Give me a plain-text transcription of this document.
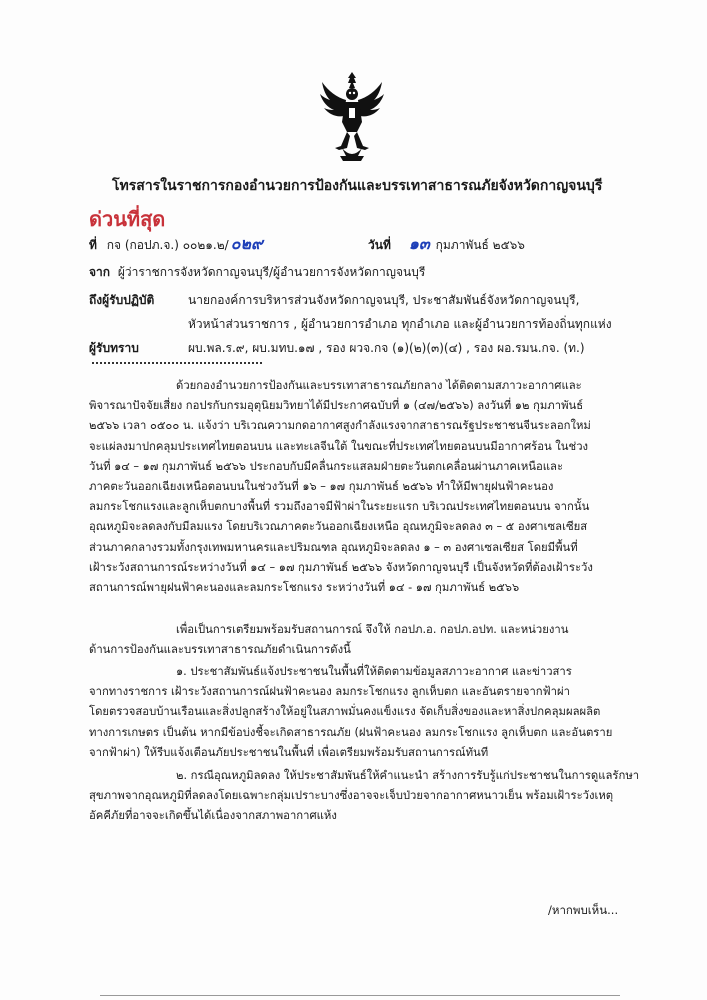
โทรสารในราชการกองอำนวยการป้องกันและบรรเทาสาธารณภัยจังหวัดกาญจนบุรี
ด่วนที่สุด
ที่ กจ (กอปภ.จ.) ๐๐๒๑.๒/ ๐๒๙	วันที่ ๑๓ กุมภาพันธ์ ๒๕๖๖
จาก ผู้ว่าราชการจังหวัดกาญจนบุรี/ผู้อำนวยการจังหวัดกาญจนบุรี
ถึงผู้รับปฏิบัติ	นายกองค์การบริหารส่วนจังหวัดกาญจนบุรี, ประชาสัมพันธ์จังหวัดกาญจนบุรี,
หัวหน้าส่วนราชการ , ผู้อำนวยการอำเภอ ทุกอำเภอ และผู้อำนวยการท้องถิ่นทุกแห่ง
ผู้รับทราบ	ผบ.พล.ร.๙, ผบ.มทบ.๑๗ , รอง ผวจ.กจ (๑)(๒)(๓)(๔) , รอง ผอ.รมน.กจ. (ท.)
ด้วยกองอำนวยการป้องกันและบรรเทาสาธารณภัยกลาง ได้ติดตามสภาวะอากาศและ
พิจารณาปัจจัยเสี่ยง กอปรกับกรมอุตุนิยมวิทยาได้มีประกาศฉบับที่ ๑ (๔๗/๒๕๖๖) ลงวันที่ ๑๒ กุมภาพันธ์
๒๕๖๖ เวลา ๐๕๐๐ น. แจ้งว่า บริเวณความกดอากาศสูงกำลังแรงจากสาธารณรัฐประชาชนจีนระลอกใหม่
จะแผ่ลงมาปกคลุมประเทศไทยตอนบน และทะเลจีนใต้ ในขณะที่ประเทศไทยตอนบนมีอากาศร้อน ในช่วง
วันที่ ๑๔ – ๑๗ กุมภาพันธ์ ๒๕๖๖ ประกอบกับมีคลื่นกระแสลมฝ่ายตะวันตกเคลื่อนผ่านภาคเหนือและ
ภาคตะวันออกเฉียงเหนือตอนบนในช่วงวันที่ ๑๖ – ๑๗ กุมภาพันธ์ ๒๕๖๖ ทำให้มีพายุฝนฟ้าคะนอง
ลมกระโชกแรงและลูกเห็บตกบางพื้นที่ รวมถึงอาจมีฟ้าผ่าในระยะแรก บริเวณประเทศไทยตอนบน จากนั้น
อุณหภูมิจะลดลงกับมีลมแรง โดยบริเวณภาคตะวันออกเฉียงเหนือ อุณหภูมิจะลดลง ๓ – ๕ องศาเซลเซียส
ส่วนภาคกลางรวมทั้งกรุงเทพมหานครและปริมณฑล อุณหภูมิจะลดลง ๑ – ๓ องศาเซลเซียส โดยมีพื้นที่
เฝ้าระวังสถานการณ์ระหว่างวันที่ ๑๔ – ๑๗ กุมภาพันธ์ ๒๕๖๖ จังหวัดกาญจนบุรี เป็นจังหวัดที่ต้องเฝ้าระวัง
สถานการณ์พายุฝนฟ้าคะนองและลมกระโชกแรง ระหว่างวันที่ ๑๔ - ๑๗ กุมภาพันธ์ ๒๕๖๖
เพื่อเป็นการเตรียมพร้อมรับสถานการณ์ จึงให้ กอปภ.อ. กอปภ.อปท. และหน่วยงาน
ด้านการป้องกันและบรรเทาสาธารณภัยดำเนินการดังนี้
๑. ประชาสัมพันธ์แจ้งประชาชนในพื้นที่ให้ติดตามข้อมูลสภาวะอากาศ และข่าวสาร
จากทางราชการ เฝ้าระวังสถานการณ์ฝนฟ้าคะนอง ลมกระโชกแรง ลูกเห็บตก และอันตรายจากฟ้าผ่า
โดยตรวจสอบบ้านเรือนและสิ่งปลูกสร้างให้อยู่ในสภาพมั่นคงแข็งแรง จัดเก็บสิ่งของและหาสิ่งปกคลุมผลผลิต
ทางการเกษตร เป็นต้น หากมีข้อบ่งชี้จะเกิดสาธารณภัย (ฝนฟ้าคะนอง ลมกระโชกแรง ลูกเห็บตก และอันตราย
จากฟ้าผ่า) ให้รีบแจ้งเตือนภัยประชาชนในพื้นที่ เพื่อเตรียมพร้อมรับสถานการณ์ทันที
๒. กรณีอุณหภูมิลดลง ให้ประชาสัมพันธ์ให้คำแนะนำ สร้างการรับรู้แก่ประชาชนในการดูแลรักษา
สุขภาพจากอุณหภูมิที่ลดลงโดยเฉพาะกลุ่มเปราะบางซึ่งอาจจะเจ็บป่วยจากอากาศหนาวเย็น พร้อมเฝ้าระวังเหตุ
อัคคีภัยที่อาจจะเกิดขึ้นได้เนื่องจากสภาพอากาศแห้ง
/หากพบเห็น...
